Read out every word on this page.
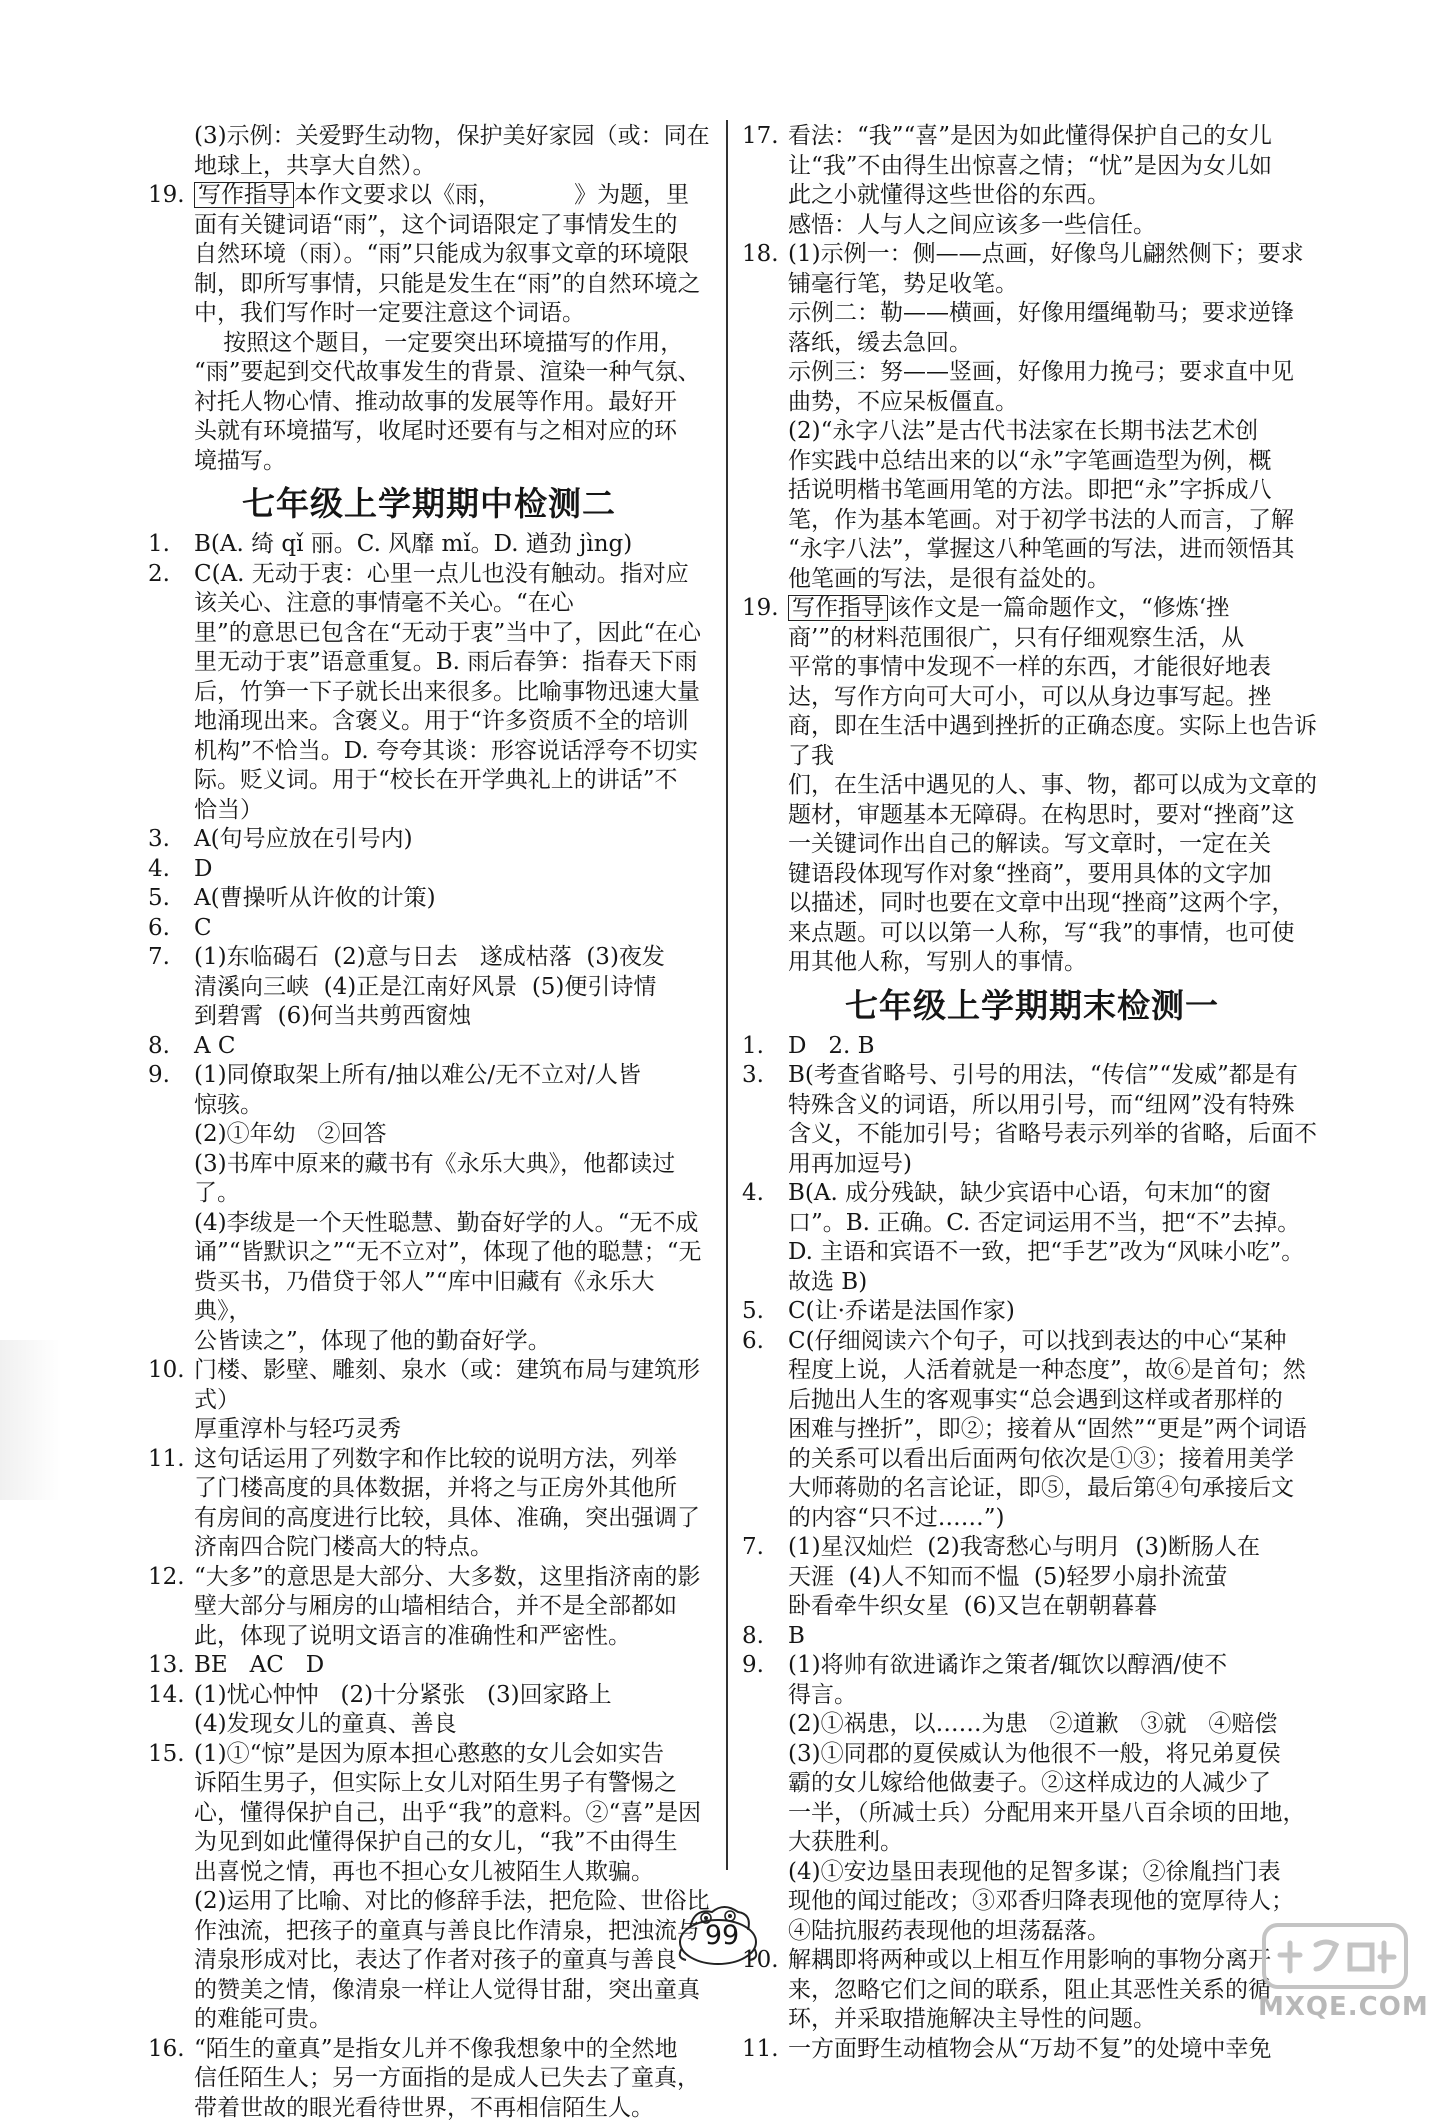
(3)示例：关爱野生动物，保护美好家园（或：同在
地球上，共享大自然）。
19. 写作指导 本作文要求以《雨，          》为题，里
面有关键词语“雨”，这个词语限定了事情发生的
自然环境（雨）。“雨”只能成为叙事文章的环境限
制，即所写事情，只能是发生在“雨”的自然环境之
中，我们写作时一定要注意这个词语。
按照这个题目，一定要突出环境描写的作用，
“雨”要起到交代故事发生的背景、渲染一种气氛、
衬托人物心情、推动故事的发展等作用。最好开
头就有环境描写，收尾时还要有与之相对应的环
境描写。
七年级上学期期中检测二
1.	B(A. 绮 qǐ 丽。C. 风靡 mǐ。D. 遒劲 jìng)
2.	C(A. 无动于衷：心里一点儿也没有触动。指对应
该关心、注意的事情毫不关心。“在心
里”的意思已包含在“无动于衷”当中了，因此“在心
里无动于衷”语意重复。B. 雨后春笋：指春天下雨
后，竹笋一下子就长出来很多。比喻事物迅速大量
地涌现出来。含褒义。用于“许多资质不全的培训
机构”不恰当。D. 夸夸其谈：形容说话浮夸不切实
际。贬义词。用于“校长在开学典礼上的讲话”不
恰当）
3.	A(句号应放在引号内)
4.	D
5.	A(曹操听从许攸的计策)
6.	C
7.	(1)东临碣石  (2)意与日去   遂成枯落  (3)夜发
清溪向三峡  (4)正是江南好风景  (5)便引诗情
到碧霄  (6)何当共剪西窗烛
8.	A C
9.	(1)同僚取架上所有/抽以难公/无不立对/人皆
惊骇。
(2)①年幼   ②回答
(3)书库中原来的藏书有《永乐大典》，他都读过了。
(4)李绂是一个天性聪慧、勤奋好学的人。“无不成
诵”“皆默识之”“无不立对”，体现了他的聪慧；“无
赀买书，乃借贷于邻人”“库中旧藏有《永乐大典》，
公皆读之”，体现了他的勤奋好学。
10. 门楼、影壁、雕刻、泉水（或：建筑布局与建筑形式）
厚重淳朴与轻巧灵秀
11. 这句话运用了列数字和作比较的说明方法，列举
了门楼高度的具体数据，并将之与正房外其他所
有房间的高度进行比较，具体、准确，突出强调了
济南四合院门楼高大的特点。
12. “大多”的意思是大部分、大多数，这里指济南的影
壁大部分与厢房的山墙相结合，并不是全部都如
此，体现了说明文语言的准确性和严密性。
13. BE   AC   D
14. (1)忧心忡忡   (2)十分紧张   (3)回家路上
(4)发现女儿的童真、善良
15. (1)①“惊”是因为原本担心憨憨的女儿会如实告
诉陌生男子，但实际上女儿对陌生男子有警惕之
心，懂得保护自己，出乎“我”的意料。②“喜”是因
为见到如此懂得保护自己的女儿，“我”不由得生
出喜悦之情，再也不担心女儿被陌生人欺骗。
(2)运用了比喻、对比的修辞手法，把危险、世俗比
作浊流，把孩子的童真与善良比作清泉，把浊流与
清泉形成对比，表达了作者对孩子的童真与善良
的赞美之情，像清泉一样让人觉得甘甜，突出童真
的难能可贵。
16. “陌生的童真”是指女儿并不像我想象中的全然地
信任陌生人；另一方面指的是成人已失去了童真，
带着世故的眼光看待世界，不再相信陌生人。
17. 看法：“我”“喜”是因为如此懂得保护自己的女儿
让“我”不由得生出惊喜之情；“忧”是因为女儿如
此之小就懂得这些世俗的东西。
感悟：人与人之间应该多一些信任。
18. (1)示例一：侧——点画，好像鸟儿翩然侧下；要求
铺毫行笔，势足收笔。
示例二：勒——横画，好像用缰绳勒马；要求逆锋
落纸，缓去急回。
示例三：努——竖画，好像用力挽弓；要求直中见
曲势，不应呆板僵直。
(2)“永字八法”是古代书法家在长期书法艺术创
作实践中总结出来的以“永”字笔画造型为例，概
括说明楷书笔画用笔的方法。即把“永”字拆成八
笔，作为基本笔画。对于初学书法的人而言，了解
“永字八法”，掌握这八种笔画的写法，进而领悟其
他笔画的写法，是很有益处的。
19. 写作指导 该作文是一篇命题作文，“修炼‘挫
商’”的材料范围很广，只有仔细观察生活，从
平常的事情中发现不一样的东西，才能很好地表
达，写作方向可大可小，可以从身边事写起。挫
商，即在生活中遇到挫折的正确态度。实际上也告诉了我
们，在生活中遇见的人、事、物，都可以成为文章的
题材，审题基本无障碍。在构思时，要对“挫商”这
一关键词作出自己的解读。写文章时，一定在关
键语段体现写作对象“挫商”，要用具体的文字加
以描述，同时也要在文章中出现“挫商”这两个字，
来点题。可以以第一人称，写“我”的事情，也可使
用其他人称，写别人的事情。
七年级上学期期末检测一
1.	D   2. B
3.	B(考查省略号、引号的用法，“传信”“发威”都是有
特殊含义的词语，所以用引号，而“纽网”没有特殊
含义，不能加引号；省略号表示列举的省略，后面不
用再加逗号)
4.	B(A. 成分残缺，缺少宾语中心语，句末加“的窗
口”。B. 正确。C. 否定词运用不当，把“不”去掉。
D. 主语和宾语不一致，把“手艺”改为“风味小吃”。
故选 B)
5.	C(让·乔诺是法国作家)
6.	C(仔细阅读六个句子，可以找到表达的中心“某种
程度上说，人活着就是一种态度”，故⑥是首句；然
后抛出人生的客观事实“总会遇到这样或者那样的
困难与挫折”，即②；接着从“固然”“更是”两个词语
的关系可以看出后面两句依次是①③；接着用美学
大师蒋勋的名言论证，即⑤，最后第④句承接后文
的内容“只不过……”)
7.	(1)星汉灿烂  (2)我寄愁心与明月  (3)断肠人在
天涯  (4)人不知而不愠  (5)轻罗小扇扑流萤
卧看牵牛织女星  (6)又岂在朝朝暮暮
8.	B
9.	(1)将帅有欲进谲诈之策者/辄饮以醇酒/使不
得言。
(2)①祸患，以……为患   ②道歉   ③就   ④赔偿
(3)①同郡的夏侯威认为他很不一般，将兄弟夏侯
霸的女儿嫁给他做妻子。②这样成边的人减少了
一半，（所减士兵）分配用来开垦八百余顷的田地，
大获胜利。
(4)①安边垦田表现他的足智多谋；②徐胤挡门表
现他的闻过能改；③邓香归降表现他的宽厚待人；
④陆抗服药表现他的坦荡磊落。
10. 解耦即将两种或以上相互作用影响的事物分离开
来，忽略它们之间的联系，阻止其恶性关系的循
环，并采取措施解决主导性的问题。
11. 一方面野生动植物会从“万劫不复”的处境中幸免
99
MXQE.COM
